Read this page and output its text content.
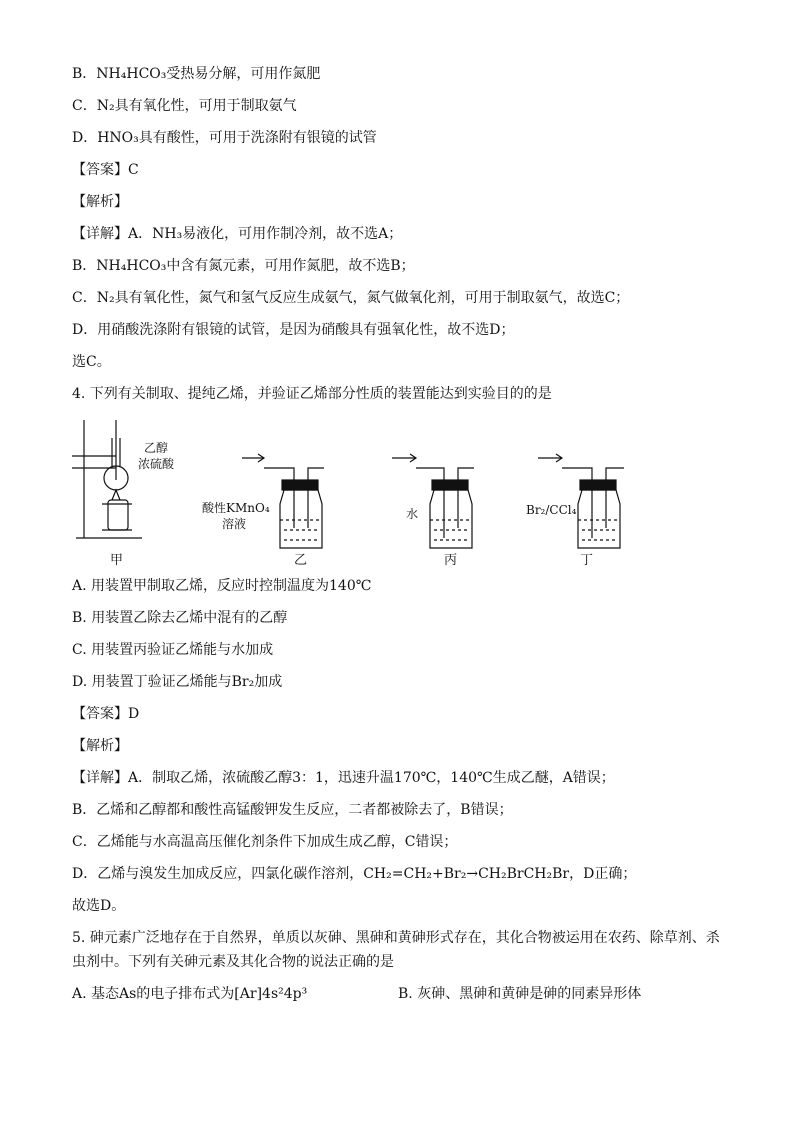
B．NH₄HCO₃受热易分解，可用作氮肥
C．N₂具有氧化性，可用于制取氨气
D．HNO₃具有酸性，可用于洗涤附有银镜的试管
【答案】C
【解析】
【详解】A．NH₃易液化，可用作制冷剂，故不选A；
B．NH₄HCO₃中含有氮元素，可用作氮肥，故不选B；
C．N₂具有氧化性，氮气和氢气反应生成氨气，氮气做氧化剂，可用于制取氨气，故选C；
D．用硝酸洗涤附有银镜的试管，是因为硝酸具有强氧化性，故不选D；
选C。
4. 下列有关制取、提纯乙烯，并验证乙烯部分性质的装置能达到实验目的的是
乙醇
浓硫酸
甲
酸性KMnO₄
溶液
乙
水
丙
Br₂/CCl₄
丁
A. 用装置甲制取乙烯，反应时控制温度为140℃
B. 用装置乙除去乙烯中混有的乙醇
C. 用装置丙验证乙烯能与水加成
D. 用装置丁验证乙烯能与Br₂加成
【答案】D
【解析】
【详解】A．制取乙烯，浓硫酸乙醇3：1，迅速升温170℃，140℃生成乙醚，A错误；
B．乙烯和乙醇都和酸性高锰酸钾发生反应，二者都被除去了，B错误；
C．乙烯能与水高温高压催化剂条件下加成生成乙醇，C错误；
D．乙烯与溴发生加成反应，四氯化碳作溶剂，CH₂=CH₂+Br₂→CH₂BrCH₂Br，D正确；
故选D。
5. 砷元素广泛地存在于自然界，单质以灰砷、黑砷和黄砷形式存在，其化合物被运用在农药、除草剂、杀
虫剂中。下列有关砷元素及其化合物的说法正确的是
A. 基态As的电子排布式为[Ar]4s²4p³	B. 灰砷、黑砷和黄砷是砷的同素异形体
